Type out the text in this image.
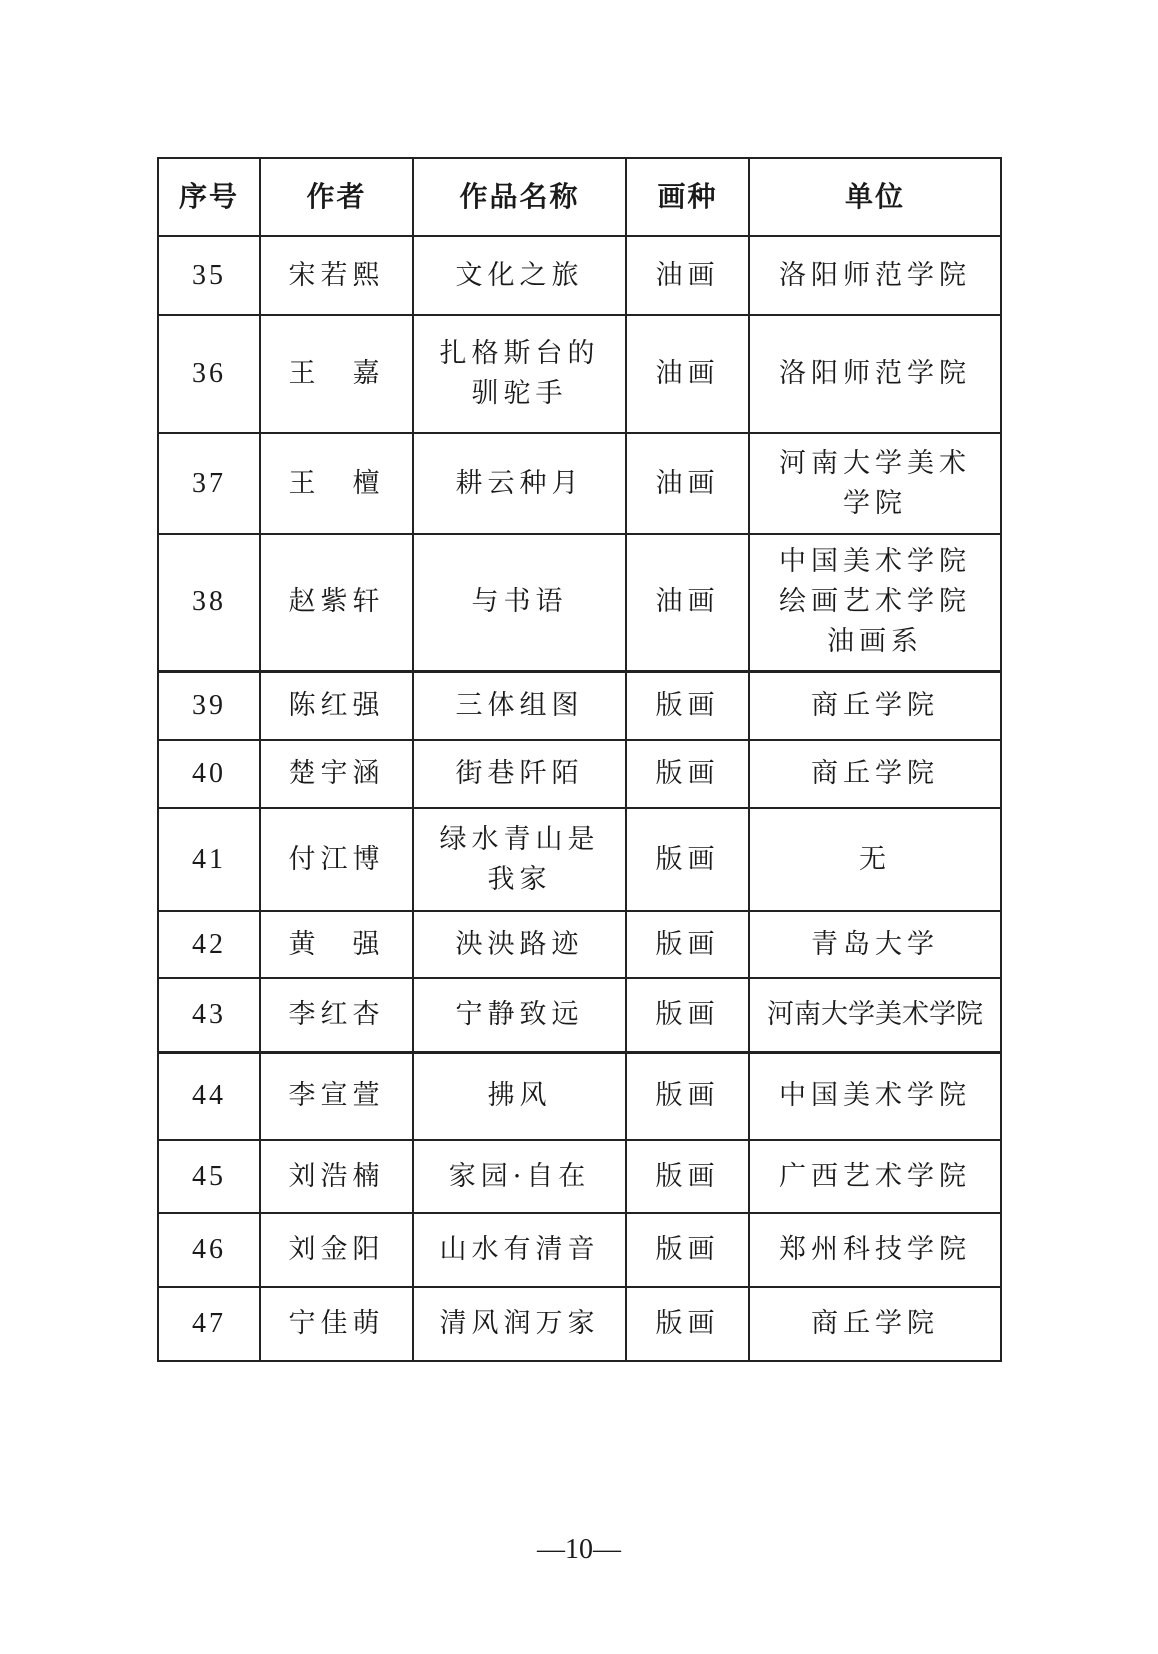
序号	作者	作品名称	画种	单位
35	宋若熙	文化之旅	油画	洛阳师范学院
36	王　嘉	扎格斯台的驯驼手	油画	洛阳师范学院
37	王　檀	耕云种月	油画	河南大学美术学院
38	赵紫轩	与书语	油画	中国美术学院绘画艺术学院油画系
39	陈红强	三体组图	版画	商丘学院
40	楚宇涵	街巷阡陌	版画	商丘学院
41	付江博	绿水青山是我家	版画	无
42	黄　强	泱泱路迹	版画	青岛大学
43	李红杏	宁静致远	版画	河南大学美术学院
44	李宣萱	拂风	版画	中国美术学院
45	刘浩楠	家园·自在	版画	广西艺术学院
46	刘金阳	山水有清音	版画	郑州科技学院
47	宁佳萌	清风润万家	版画	商丘学院
—10—
